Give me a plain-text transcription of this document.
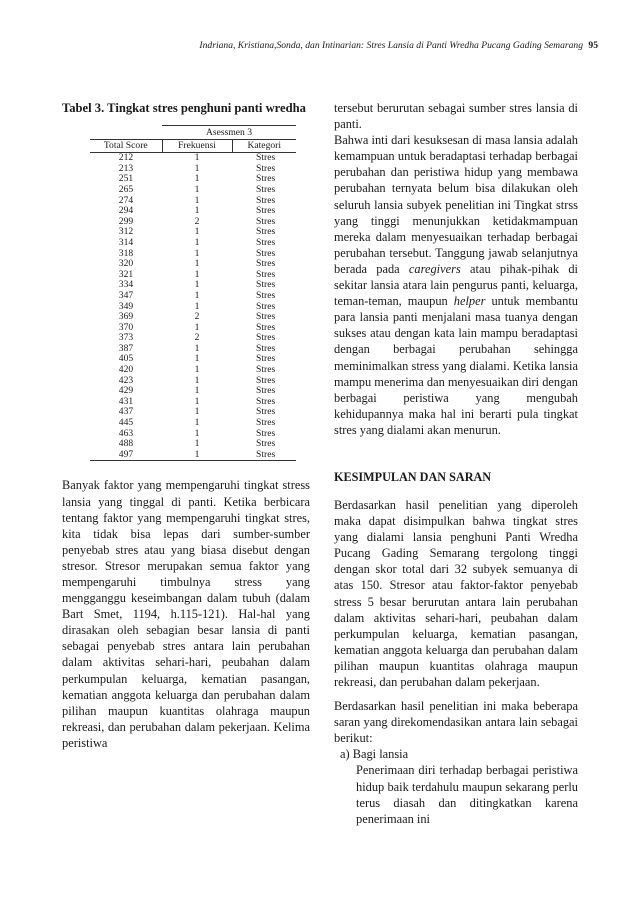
Indriana, Kristiana,Sonda, dan Intinarian: Stres Lansia di Panti Wredha Pucang Gading Semarang 95

Tabel 3. Tingkat stres penghuni panti wredha

	Asessmen 3	
Total Score	Frekuensi	Kategori
212	1	Stres
213	1	Stres
251	1	Stres
265	1	Stres
274	1	Stres
294	1	Stres
299	2	Stres
312	1	Stres
314	1	Stres
318	1	Stres
320	1	Stres
321	1	Stres
334	1	Stres
347	1	Stres
349	1	Stres
369	2	Stres
370	1	Stres
373	2	Stres
387	1	Stres
405	1	Stres
420	1	Stres
423	1	Stres
429	1	Stres
431	1	Stres
437	1	Stres
445	1	Stres
463	1	Stres
488	1	Stres
497	1	Stres

Banyak faktor yang mempengaruhi tingkat stress lansia yang tinggal di panti. Ketika berbicara tentang faktor yang mempengaruhi tingkat stres, kita tidak bisa lepas dari sumber-sumber penyebab stres atau yang biasa disebut dengan stresor. Stresor merupakan semua faktor yang mempengaruhi timbulnya stress yang mengganggu keseimbangan dalam tubuh (dalam Bart Smet, 1194, h.115-121). Hal-hal yang dirasakan oleh sebagian besar lansia di panti sebagai penyebab stres antara lain perubahan dalam aktivitas sehari-hari, peubahan dalam perkumpulan keluarga, kematian pasangan, kematian anggota keluarga dan perubahan dalam pilihan maupun kuantitas olahraga maupun rekreasi, dan perubahan dalam pekerjaan. Kelima peristiwa

tersebut berurutan sebagai sumber stres lansia di panti.

Bahwa inti dari kesuksesan di masa lansia adalah kemampuan untuk beradaptasi terhadap berbagai perubahan dan peristiwa hidup yang membawa perubahan ternyata belum bisa dilakukan oleh seluruh lansia subyek penelitian ini Tingkat strss yang tinggi menunjukkan ketidakmampuan mereka dalam menyesuaikan terhadap berbagai perubahan tersebut. Tanggung jawab selanjutnya berada pada caregivers atau pihak-pihak di sekitar lansia atara lain pengurus panti, keluarga, teman-teman, maupun helper untuk membantu para lansia panti menjalani masa tuanya dengan sukses atau dengan kata lain mampu beradaptasi dengan berbagai perubahan sehingga meminimalkan stress yang dialami. Ketika lansia mampu menerima dan menyesuaikan diri dengan berbagai peristiwa yang mengubah kehidupannya maka hal ini berarti pula tingkat stres yang dialami akan menurun.

KESIMPULAN DAN SARAN

Berdasarkan hasil penelitian yang diperoleh maka dapat disimpulkan bahwa tingkat stres yang dialami lansia penghuni Panti Wredha Pucang Gading Semarang tergolong tinggi dengan skor total dari 32 subyek semuanya di atas 150. Stresor atau faktor-faktor penyebab stress 5 besar berurutan antara lain perubahan dalam aktivitas sehari-hari, peubahan dalam perkumpulan keluarga, kematian pasangan, kematian anggota keluarga dan perubahan dalam pilihan maupun kuantitas olahraga maupun rekreasi, dan perubahan dalam pekerjaan.

Berdasarkan hasil penelitian ini maka beberapa saran yang direkomendasikan antara lain sebagai berikut:

a) Bagi lansia

Penerimaan diri terhadap berbagai peristiwa hidup baik terdahulu maupun sekarang perlu terus diasah dan ditingkatkan karena penerimaan ini
